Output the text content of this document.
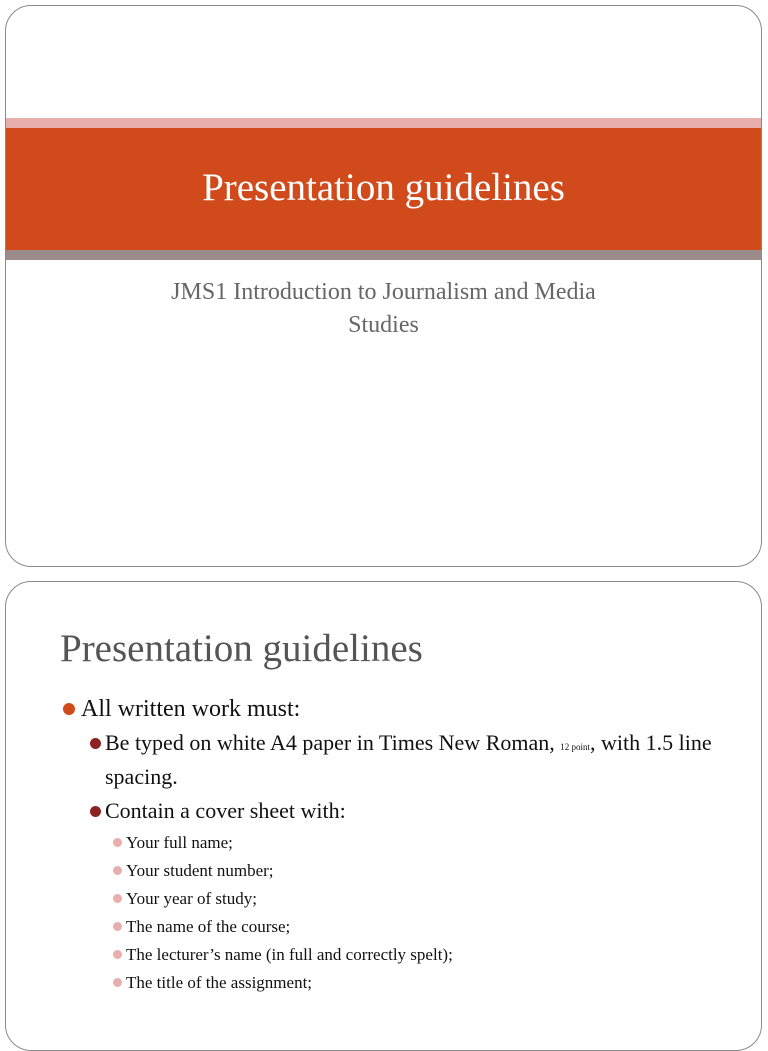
Presentation guidelines
JMS1 Introduction to Journalism and Media
Studies
Presentation guidelines
All written work must:
Be typed on white A4 paper in Times New Roman, 12 point, with 1.5 line spacing.
Contain a cover sheet with:
Your full name;
Your student number;
Your year of study;
The name of the course;
The lecturer’s name (in full and correctly spelt);
The title of the assignment;
